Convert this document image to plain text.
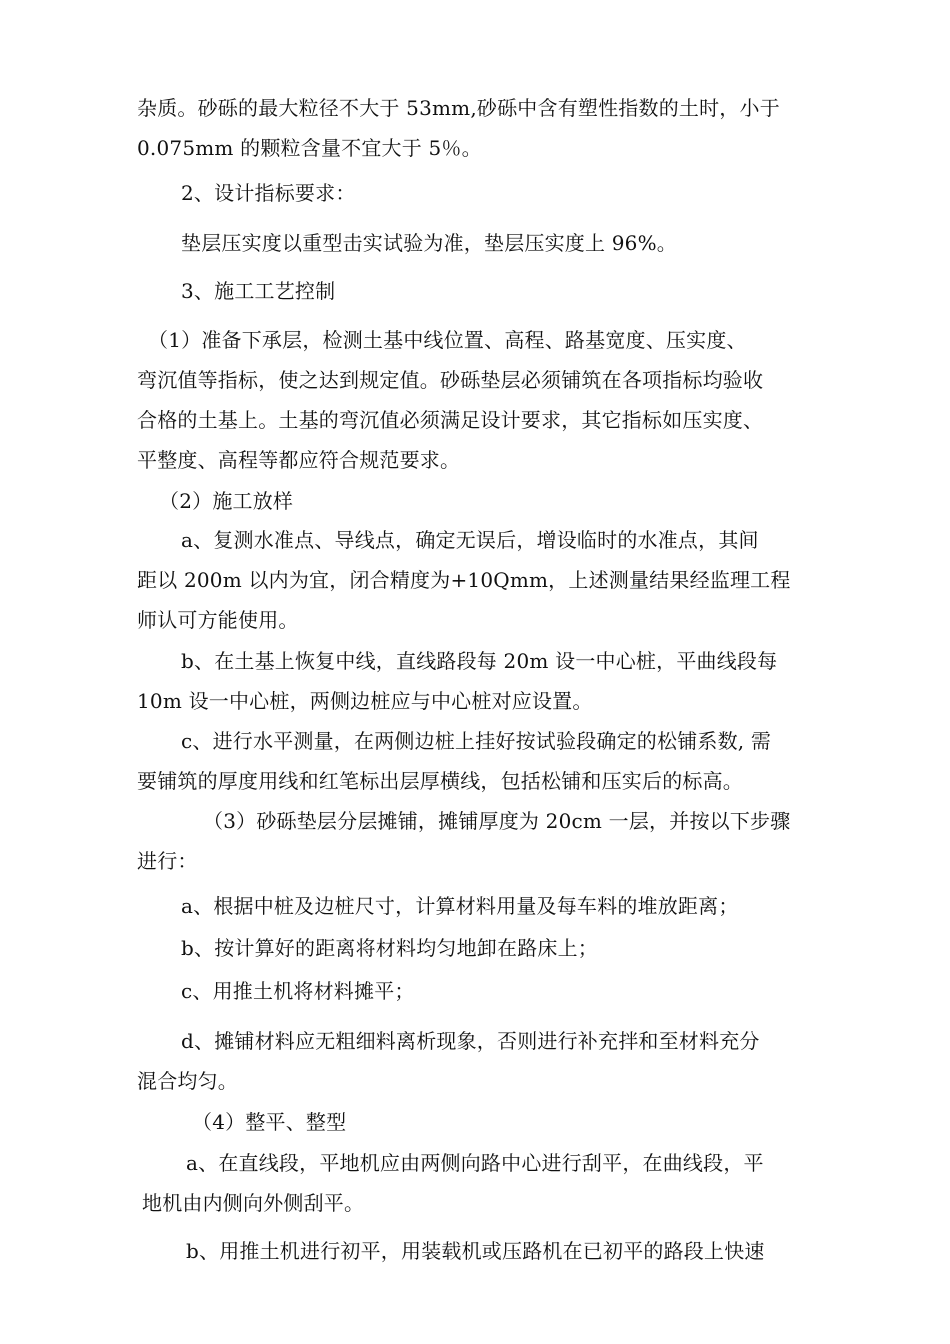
杂质。砂砾的最大粒径不大于 53mm,砂砾中含有塑性指数的土时，小于
0.075mm 的颗粒含量不宜大于 5％。
2、设计指标要求：
垫层压实度以重型击实试验为准，垫层压实度上 96%。
3、施工工艺控制
（1）准备下承层，检测土基中线位置、高程、路基宽度、压实度、
弯沉值等指标，使之达到规定值。砂砾垫层必须铺筑在各项指标均验收
合格的土基上。土基的弯沉值必须满足设计要求，其它指标如压实度、
平整度、高程等都应符合规范要求。
（2）施工放样
a、复测水准点、导线点，确定无误后，增设临时的水准点，其间
距以 200m 以内为宜，闭合精度为+10Qmm，上述测量结果经监理工程
师认可方能使用。
b、在土基上恢复中线，直线路段每 20m 设一中心桩，平曲线段每
10m 设一中心桩，两侧边桩应与中心桩对应设置。
c、进行水平测量，在两侧边桩上挂好按试验段确定的松铺系数, 需
要铺筑的厚度用线和红笔标出层厚横线，包括松铺和压实后的标高。
（3）砂砾垫层分层摊铺，摊铺厚度为 20cm 一层，并按以下步骤
进行：
a、根据中桩及边桩尺寸，计算材料用量及每车料的堆放距离；
b、按计算好的距离将材料均匀地卸在路床上；
c、用推土机将材料摊平；
d、摊铺材料应无粗细料离析现象，否则进行补充拌和至材料充分
混合均匀。
（4）整平、整型
a、在直线段，平地机应由两侧向路中心进行刮平，在曲线段，平
地机由内侧向外侧刮平。
b、用推土机进行初平，用装载机或压路机在已初平的路段上快速
